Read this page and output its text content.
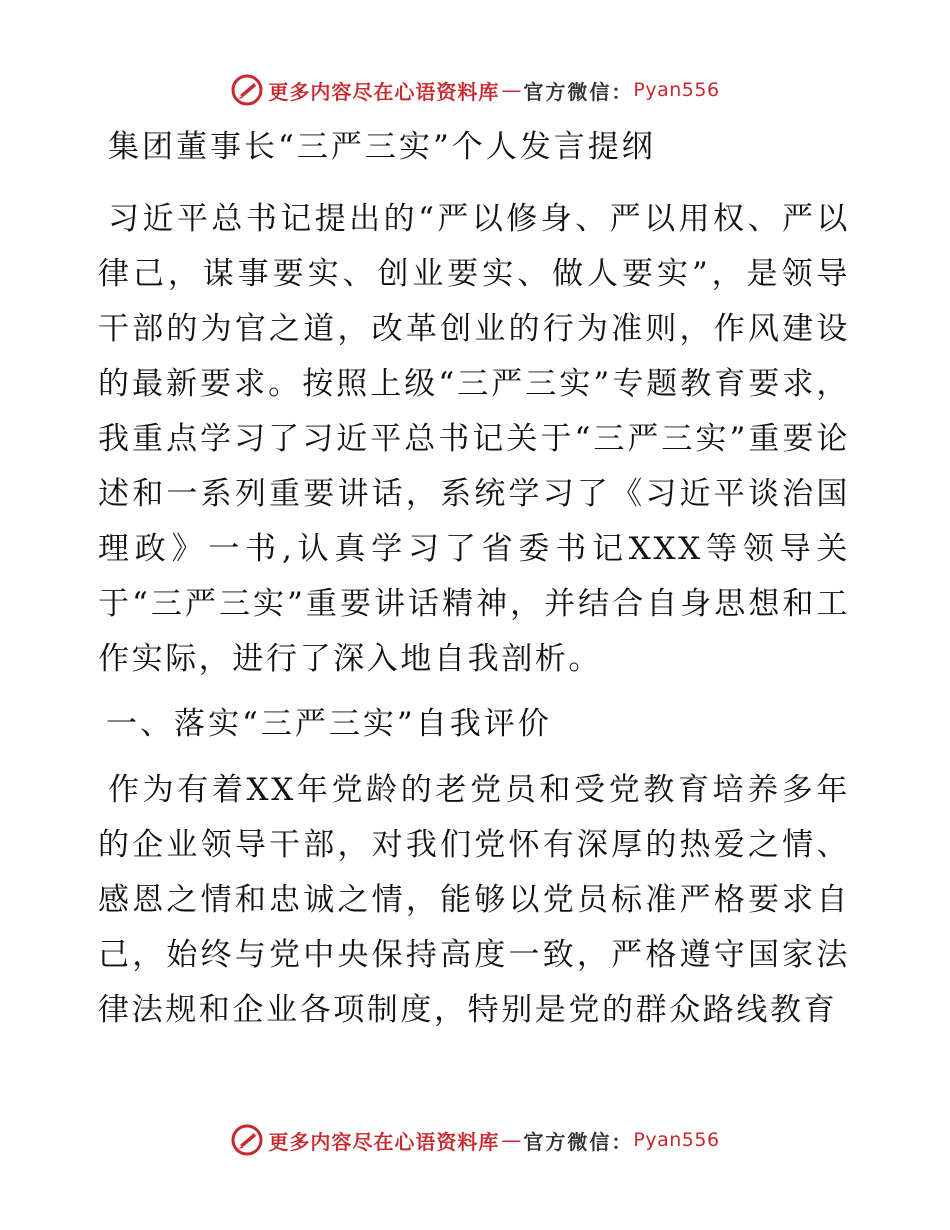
更多内容尽在心语资料库 — 官方微信： Pyan556
集团董事长“三严三实”个人发言提纲

习近平总书记提出的“严以修身、严以用权、严以律己，谋事要实、创业要实、做人要实”，是领导干部的为官之道，改革创业的行为准则，作风建设的最新要求。按照上级“三严三实”专题教育要求，我重点学习了习近平总书记关于“三严三实”重要论述和一系列重要讲话，系统学习了《习近平谈治国理政》一书,认真学习了省委书记XXX等领导关于“三严三实”重要讲话精神，并结合自身思想和工作实际，进行了深入地自我剖析。

一、落实“三严三实”自我评价

作为有着XX年党龄的老党员和受党教育培养多年的企业领导干部，对我们党怀有深厚的热爱之情、感恩之情和忠诚之情，能够以党员标准严格要求自己，始终与党中央保持高度一致，严格遵守国家法律法规和企业各项制度，特别是党的群众路线教育

更多内容尽在心语资料库 — 官方微信： Pyan556
